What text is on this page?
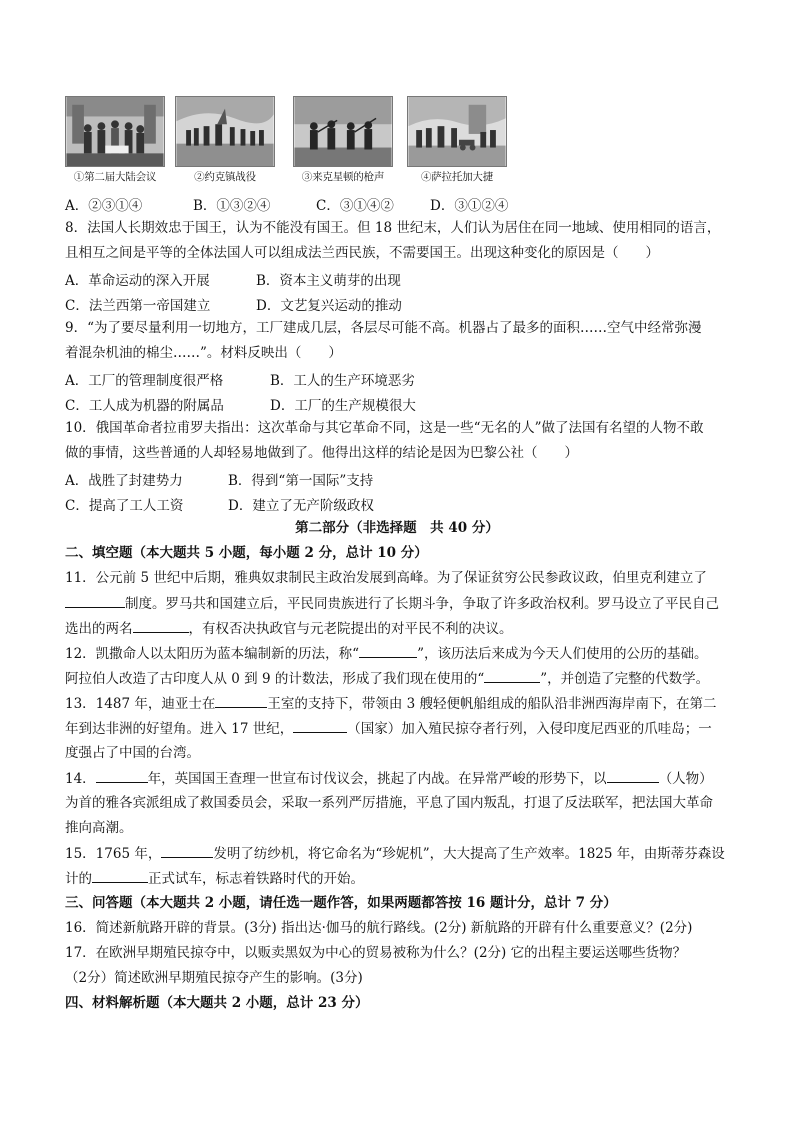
①第二届大陆会议	②约克镇战役	③来克星顿的枪声	④萨拉托加大捷
A．②③①④	B．①③②④	C．③①④②	D．③①②④
8．法国人长期效忠于国王，认为不能没有国王。但 18 世纪末，人们认为居住在同一地域、使用相同的语言，
且相互之间是平等的全体法国人可以组成法兰西民族，不需要国王。出现这种变化的原因是（　　）
A．革命运动的深入开展	B．资本主义萌芽的出现
C．法兰西第一帝国建立	D．文艺复兴运动的推动
9．“为了要尽量利用一切地方，工厂建成几层，各层尽可能不高。机器占了最多的面积……空气中经常弥漫
着混杂机油的棉尘……”。材料反映出（　　）
A．工厂的管理制度很严格	B．工人的生产环境恶劣
C．工人成为机器的附属品	D．工厂的生产规模很大
10．俄国革命者拉甫罗夫指出：这次革命与其它革命不同，这是一些“无名的人”做了法国有名望的人物不敢
做的事情，这些普通的人却轻易地做到了。他得出这样的结论是因为巴黎公社（　　）
A．战胜了封建势力	B．得到“第一国际”支持
C．提高了工人工资	D．建立了无产阶级政权
第二部分（非选择题　共 40 分）
二、填空题（本大题共 5 小题，每小题 2 分，总计 10 分）
11．公元前 5 世纪中后期，雅典奴隶制民主政治发展到高峰。为了保证贫穷公民参政议政，伯里克利建立了
制度。罗马共和国建立后，平民同贵族进行了长期斗争，争取了许多政治权利。罗马设立了平民自己
选出的两名	，有权否决执政官与元老院提出的对平民不利的决议。
12．凯撒命人以太阳历为蓝本编制新的历法，称“	”，该历法后来成为今天人们使用的公历的基础。
阿拉伯人改造了古印度人从 0 到 9 的计数法，形成了我们现在使用的“	”，并创造了完整的代数学。
13．1487 年，迪亚士在	王室的支持下，带领由 3 艘轻便帆船组成的船队沿非洲西海岸南下，在第二
年到达非洲的好望角。进入 17 世纪，	（国家）加入殖民掠夺者行列，入侵印度尼西亚的爪哇岛；一
度强占了中国的台湾。
14．	年，英国国王查理一世宣布讨伐议会，挑起了内战。在异常严峻的形势下，以	（人物）
为首的雅各宾派组成了救国委员会，采取一系列严厉措施，平息了国内叛乱，打退了反法联军，把法国大革命
推向高潮。
15．1765 年，	发明了纺纱机，将它命名为“珍妮机”，大大提高了生产效率。1825 年，由斯蒂芬森设
计的	正式试车，标志着铁路时代的开始。
三、问答题（本大题共 2 小题，请任选一题作答，如果两题都答按 16 题计分，总计 7 分）
16．简述新航路开辟的背景。(3分) 指出达·伽马的航行路线。(2分) 新航路的开辟有什么重要意义？(2分)
17．在欧洲早期殖民掠夺中，以贩卖黑奴为中心的贸易被称为什么？(2分) 它的出程主要运送哪些货物？
（2分）简述欧洲早期殖民掠夺产生的影响。(3分)
四、材料解析题（本大题共 2 小题，总计 23 分）
